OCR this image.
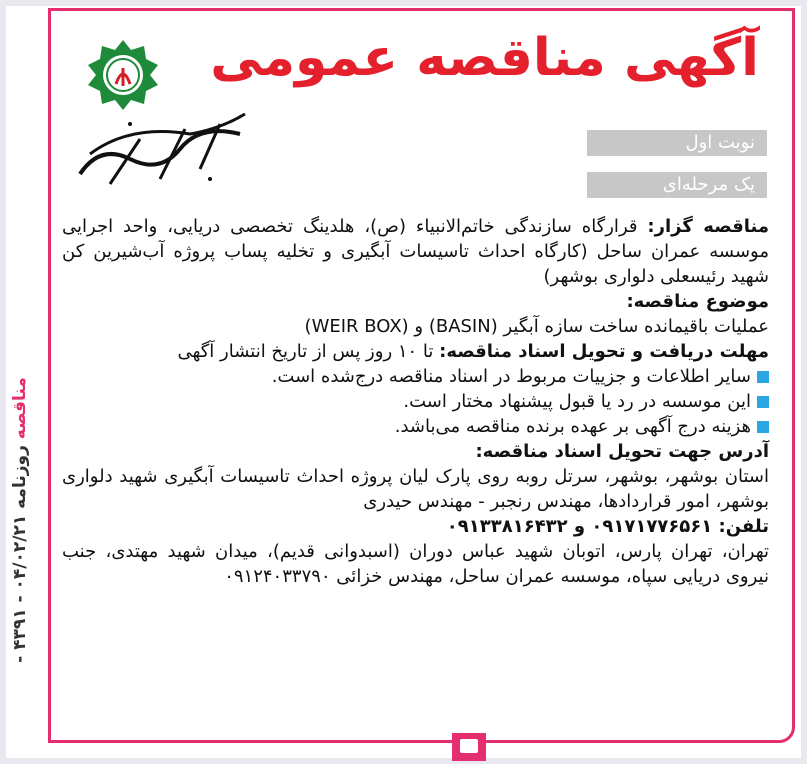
آگهی مناقصه عمومی
نوبت اول
یک مرحله‌ای

مناقصه گزار: قرارگاه سازندگی خاتم‌الانبیاء (ص)، هلدینگ تخصصی دریایی، واحد اجرایی موسسه عمران ساحل (کارگاه احداث تاسیسات آبگیری و تخلیه پساب پروژه آب‌شیرین کن شهید رئیسعلی دلواری بوشهر)

موضوع مناقصه:

عملیات باقیمانده ساخت سازه آبگیر (BASIN) و (WEIR BOX)

مهلت دریافت و تحویل اسناد مناقصه: تا ۱۰ روز پس از تاریخ انتشار آگهی

سایر اطلاعات و جزییات مربوط در اسناد مناقصه درج‌شده است.

این موسسه در رد یا قبول پیشنهاد مختار است.

هزینه درج آگهی بر عهده برنده مناقصه می‌باشد.

آدرس جهت تحویل اسناد مناقصه:

استان بوشهر، بوشهر، سرتل روبه روی پارک لیان پروژه احداث تاسیسات آبگیری شهید دلواری بوشهر، امور قراردادها، مهندس رنجبر - مهندس حیدری

تلفن: ۰۹۱۷۱۷۷۶۵۶۱ و ۰۹۱۳۳۸۱۶۴۳۲

تهران، تهران پارس، اتوبان شهید عباس دوران (اسبدوانی قدیم)، میدان شهید مهتدی، جنب نیروی دریایی سپاه، موسسه عمران ساحل، مهندس خزائی ۰۹۱۲۴۰۳۳۷۹۰

- ۴۳۹۱ - ۰۴/۰۲/۲۱ مناقصه روزنامه
